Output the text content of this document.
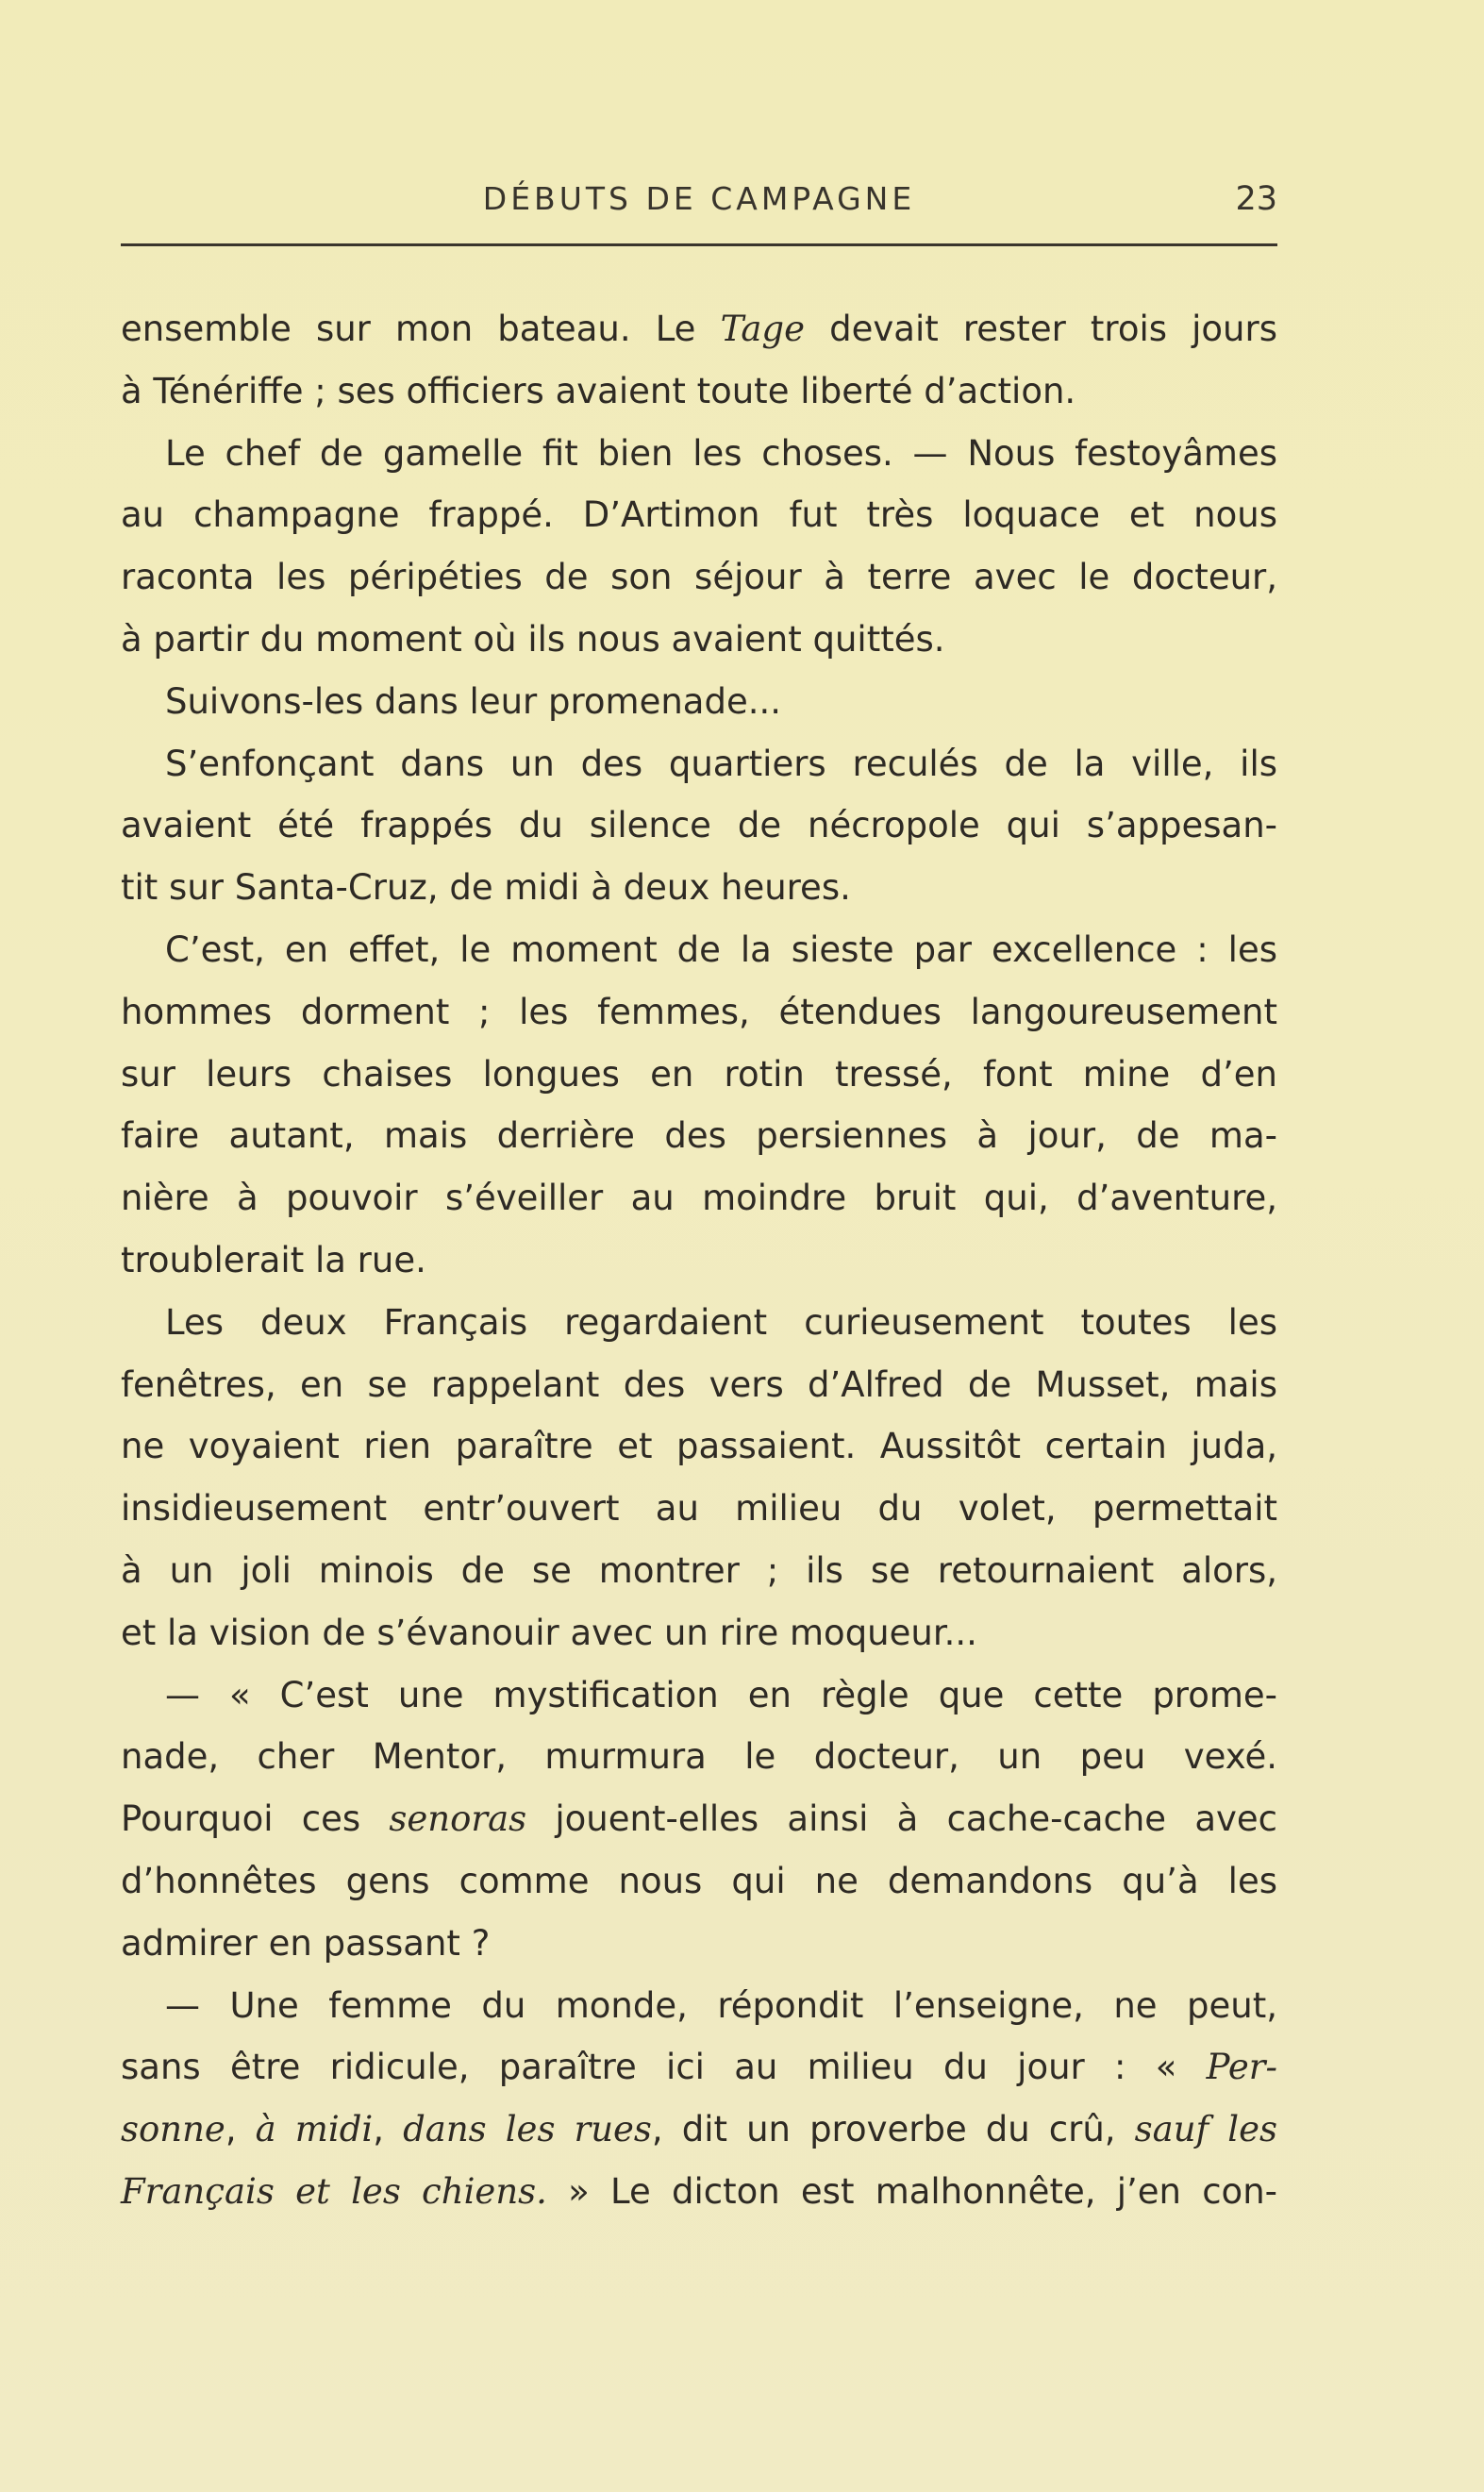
DÉBUTS DE CAMPAGNE	23
ensemble sur mon bateau. Le Tage devait rester trois jours
à Ténériffe ; ses officiers avaient toute liberté d’action.
Le chef de gamelle fit bien les choses. — Nous festoyâmes
au champagne frappé. D’Artimon fut très loquace et nous
raconta les péripéties de son séjour à terre avec le docteur,
à partir du moment où ils nous avaient quittés.
Suivons-les dans leur promenade...
S’enfonçant dans un des quartiers reculés de la ville, ils
avaient été frappés du silence de nécropole qui s’appesan-
tit sur Santa-Cruz, de midi à deux heures.
C’est, en effet, le moment de la sieste par excellence : les
hommes dorment ; les femmes, étendues langoureusement
sur leurs chaises longues en rotin tressé, font mine d’en
faire autant, mais derrière des persiennes à jour, de ma-
nière à pouvoir s’éveiller au moindre bruit qui, d’aventure,
troublerait la rue.
Les deux Français regardaient curieusement toutes les
fenêtres, en se rappelant des vers d’Alfred de Musset, mais
ne voyaient rien paraître et passaient. Aussitôt certain juda,
insidieusement entr’ouvert au milieu du volet, permettait
à un joli minois de se montrer ; ils se retournaient alors,
et la vision de s’évanouir avec un rire moqueur...
— « C’est une mystification en règle que cette prome-
nade, cher Mentor, murmura le docteur, un peu vexé.
Pourquoi ces senoras jouent-elles ainsi à cache-cache avec
d’honnêtes gens comme nous qui ne demandons qu’à les
admirer en passant ?
— Une femme du monde, répondit l’enseigne, ne peut,
sans être ridicule, paraître ici au milieu du jour : « Per-
sonne, à midi, dans les rues, dit un proverbe du crû, sauf les
Français et les chiens. » Le dicton est malhonnête, j’en con-
